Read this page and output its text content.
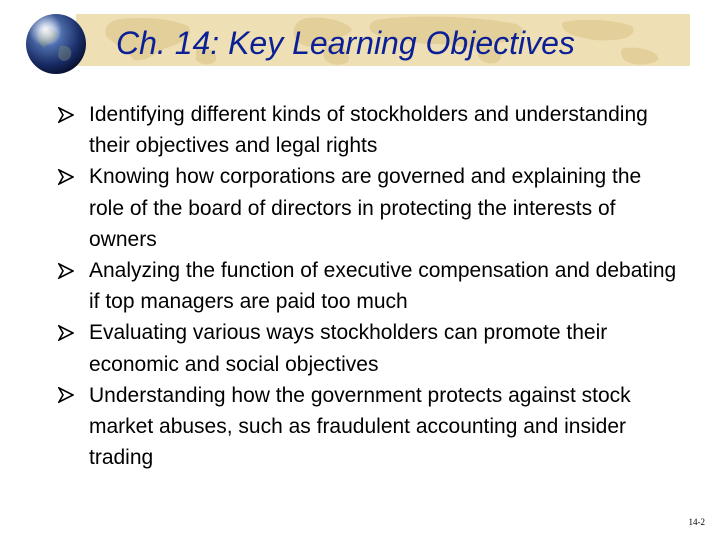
Ch. 14: Key Learning Objectives
Identifying different kinds of stockholders and understanding their objectives and legal rights
Knowing how corporations are governed and explaining the role of the board of directors in protecting the interests of owners
Analyzing the function of executive compensation and debating if top managers are paid too much
Evaluating various ways stockholders can promote their economic and social objectives
Understanding how the government protects against stock market abuses, such as fraudulent accounting and insider trading
14-2
